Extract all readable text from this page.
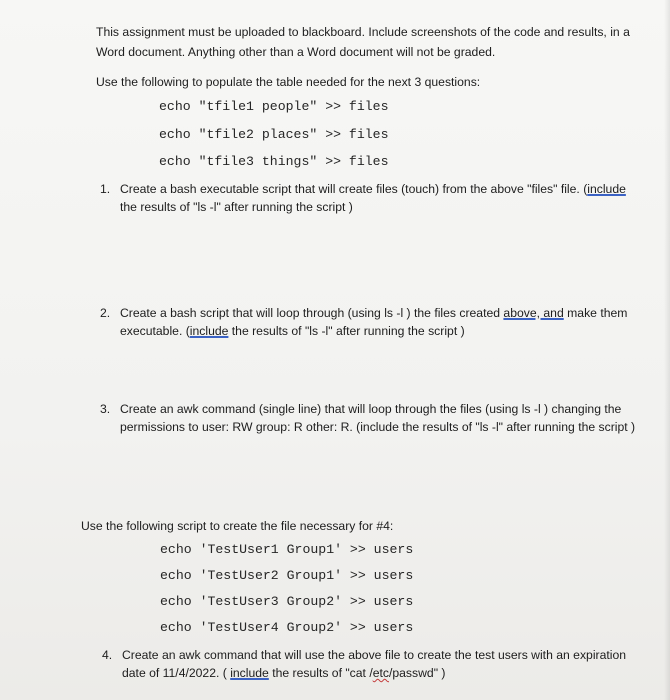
This assignment must be uploaded to blackboard. Include screenshots of the code and results, in a
Word document. Anything other than a Word document will not be graded.
Use the following to populate the table needed for the next 3 questions:
echo "tfile1 people" >> files
echo "tfile2 places" >> files
echo "tfile3 things" >> files
1. Create a bash executable script that will create files (touch) from the above "files" file. (include
the results of "ls -l" after running the script )
2. Create a bash script that will loop through (using ls -l ) the files created above, and make them
executable. (include the results of "ls -l" after running the script )
3. Create an awk command (single line) that will loop through the files (using ls -l ) changing the
permissions to user: RW group: R other: R. (include the results of "ls -l" after running the script )
Use the following script to create the file necessary for #4:
echo 'TestUser1 Group1' >> users
echo 'TestUser2 Group1' >> users
echo 'TestUser3 Group2' >> users
echo 'TestUser4 Group2' >> users
4. Create an awk command that will use the above file to create the test users with an expiration
date of 11/4/2022. ( include the results of "cat /etc/passwd" )
